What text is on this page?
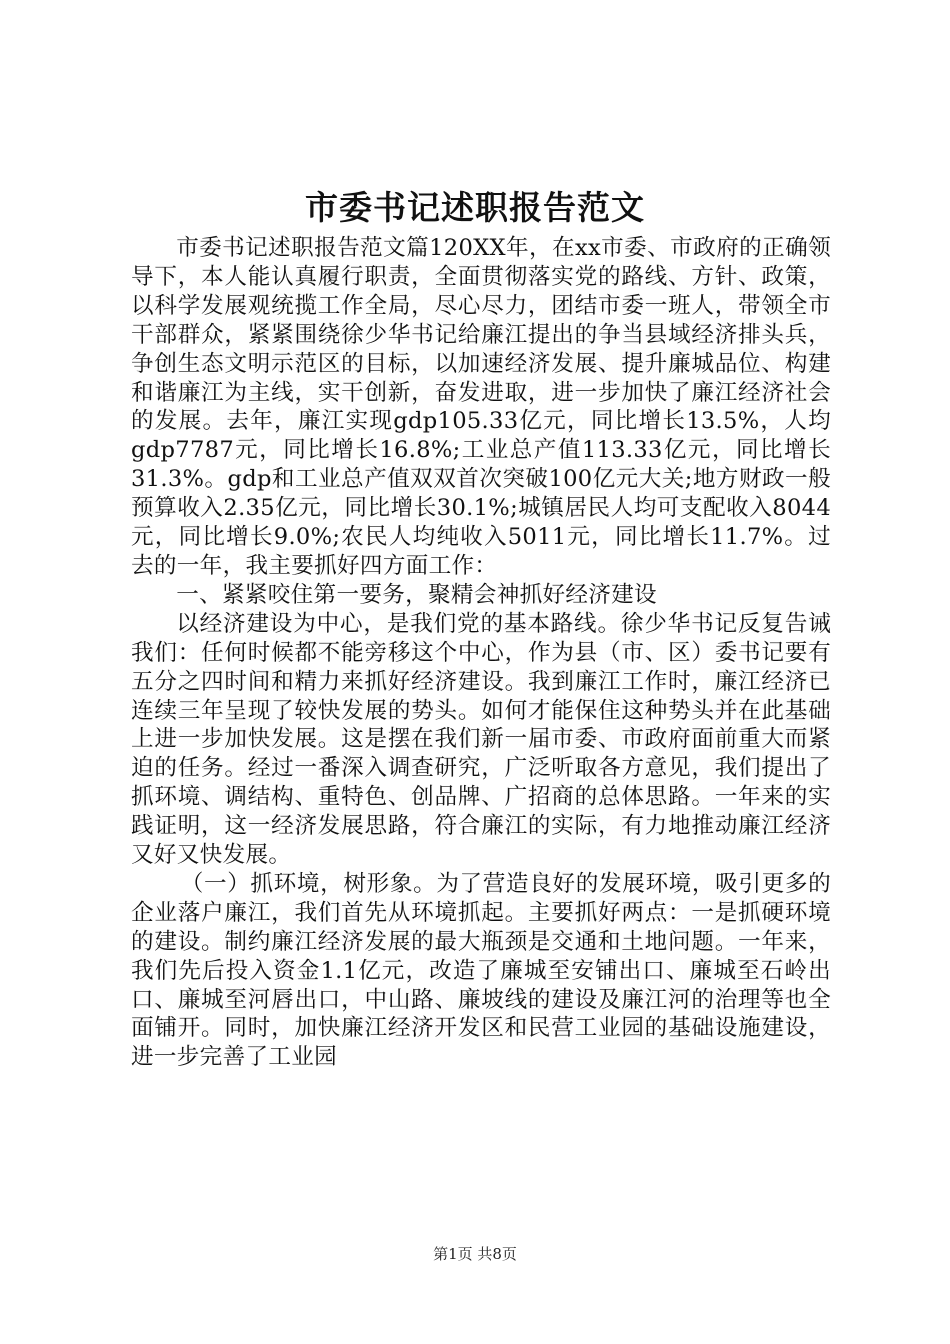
市委书记述职报告范文

市委书记述职报告范文篇120XX年，在xx市委、市政府的正确领导下，本人能认真履行职责，全面贯彻落实党的路线、方针、政策，以科学发展观统揽工作全局，尽心尽力，团结市委一班人，带领全市干部群众，紧紧围绕徐少华书记给廉江提出的争当县域经济排头兵，争创生态文明示范区的目标，以加速经济发展、提升廉城品位、构建和谐廉江为主线，实干创新，奋发进取，进一步加快了廉江经济社会的发展。去年，廉江实现gdp105.33亿元，同比增长13.5%，人均gdp7787元，同比增长16.8%;工业总产值113.33亿元，同比增长31.3%。gdp和工业总产值双双首次突破100亿元大关;地方财政一般预算收入2.35亿元，同比增长30.1%;城镇居民人均可支配收入8044元，同比增长9.0%;农民人均纯收入5011元，同比增长11.7%。过去的一年，我主要抓好四方面工作：

一、紧紧咬住第一要务，聚精会神抓好经济建设

以经济建设为中心，是我们党的基本路线。徐少华书记反复告诫我们：任何时候都不能旁移这个中心，作为县（市、区）委书记要有五分之四时间和精力来抓好经济建设。我到廉江工作时，廉江经济已连续三年呈现了较快发展的势头。如何才能保住这种势头并在此基础上进一步加快发展。这是摆在我们新一届市委、市政府面前重大而紧迫的任务。经过一番深入调查研究，广泛听取各方意见，我们提出了抓环境、调结构、重特色、创品牌、广招商的总体思路。一年来的实践证明，这一经济发展思路，符合廉江的实际，有力地推动廉江经济又好又快发展。

（一）抓环境，树形象。为了营造良好的发展环境，吸引更多的企业落户廉江，我们首先从环境抓起。主要抓好两点：一是抓硬环境的建设。制约廉江经济发展的最大瓶颈是交通和土地问题。一年来，我们先后投入资金1.1亿元，改造了廉城至安铺出口、廉城至石岭出口、廉城至河唇出口，中山路、廉坡线的建设及廉江河的治理等也全面铺开。同时，加快廉江经济开发区和民营工业园的基础设施建设，进一步完善了工业园

第1页 共8页
